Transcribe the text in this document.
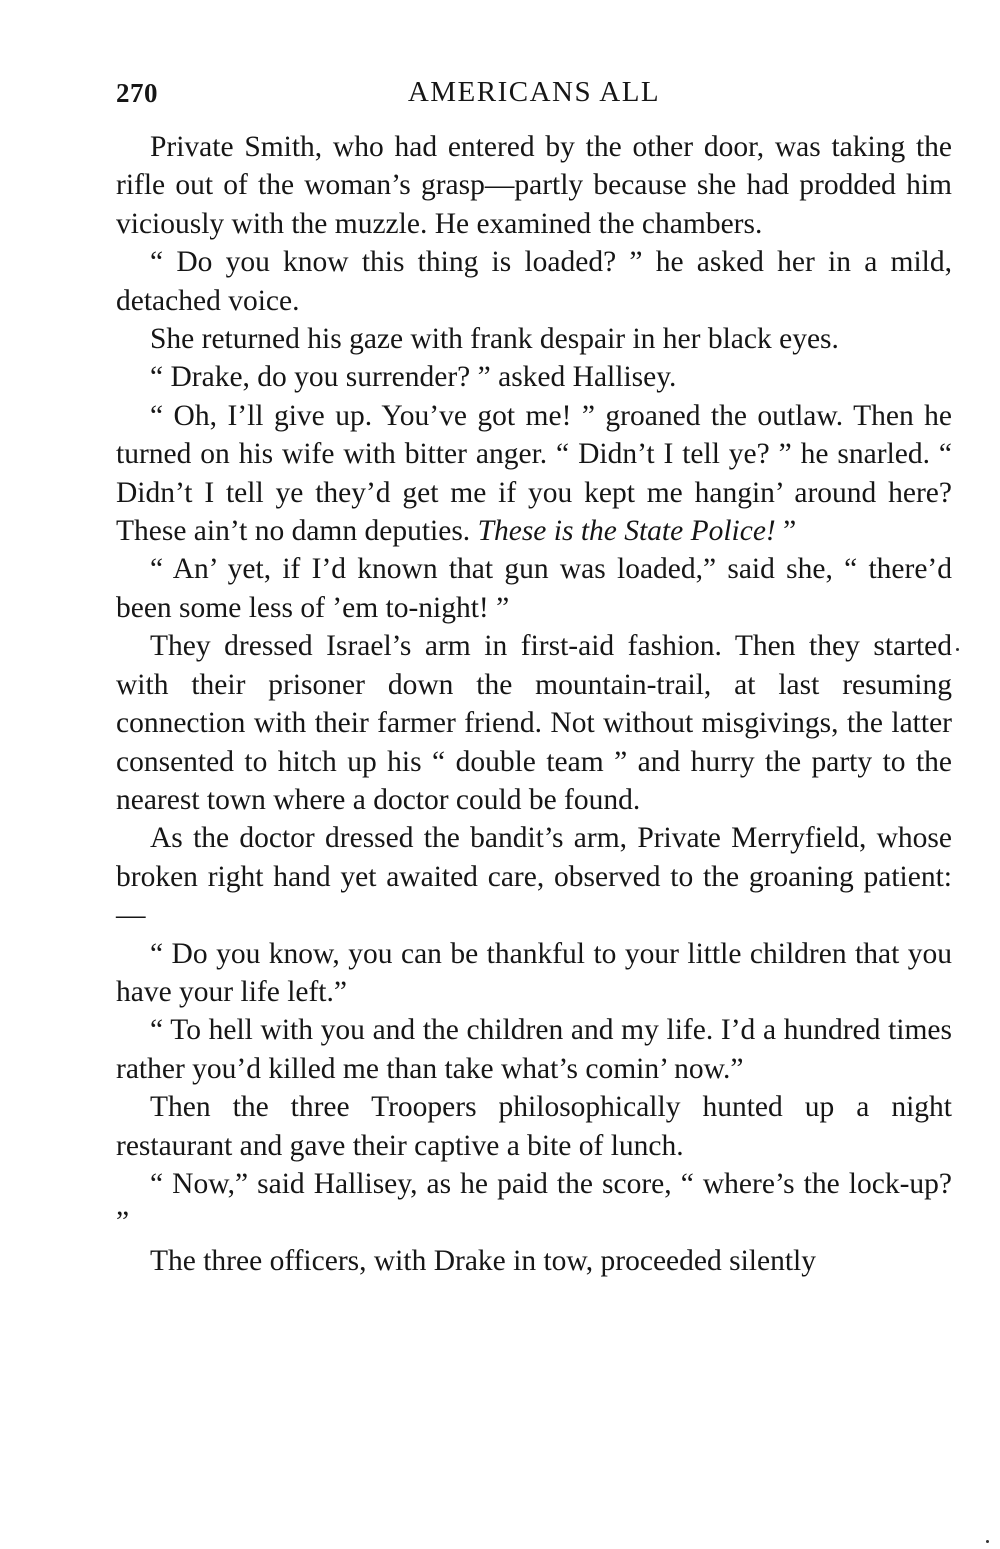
270	AMERICANS ALL

Private Smith, who had entered by the other door, was taking the rifle out of the woman’s grasp—partly because she had prodded him viciously with the muzzle. He examined the chambers.

“ Do you know this thing is loaded? ” he asked her in a mild, detached voice.

She returned his gaze with frank despair in her black eyes.

“ Drake, do you surrender? ” asked Hallisey.

“ Oh, I’ll give up. You’ve got me! ” groaned the outlaw. Then he turned on his wife with bitter anger. “ Didn’t I tell ye? ” he snarled. “ Didn’t I tell ye they’d get me if you kept me hangin’ around here? These ain’t no damn deputies. These is the State Police! ”

“ An’ yet, if I’d known that gun was loaded,” said she, “ there’d been some less of ’em to-night! ”

They dressed Israel’s arm in first-aid fashion. Then they started with their prisoner down the mountain-trail, at last resuming connection with their farmer friend. Not without misgivings, the latter consented to hitch up his “ double team ” and hurry the party to the nearest town where a doctor could be found.

As the doctor dressed the bandit’s arm, Private Merryfield, whose broken right hand yet awaited care, observed to the groaning patient:—

“ Do you know, you can be thankful to your little children that you have your life left.”

“ To hell with you and the children and my life. I’d a hundred times rather you’d killed me than take what’s comin’ now.”

Then the three Troopers philosophically hunted up a night restaurant and gave their captive a bite of lunch.

“ Now,” said Hallisey, as he paid the score, “ where’s the lock-up? ”

The three officers, with Drake in tow, proceeded silently
